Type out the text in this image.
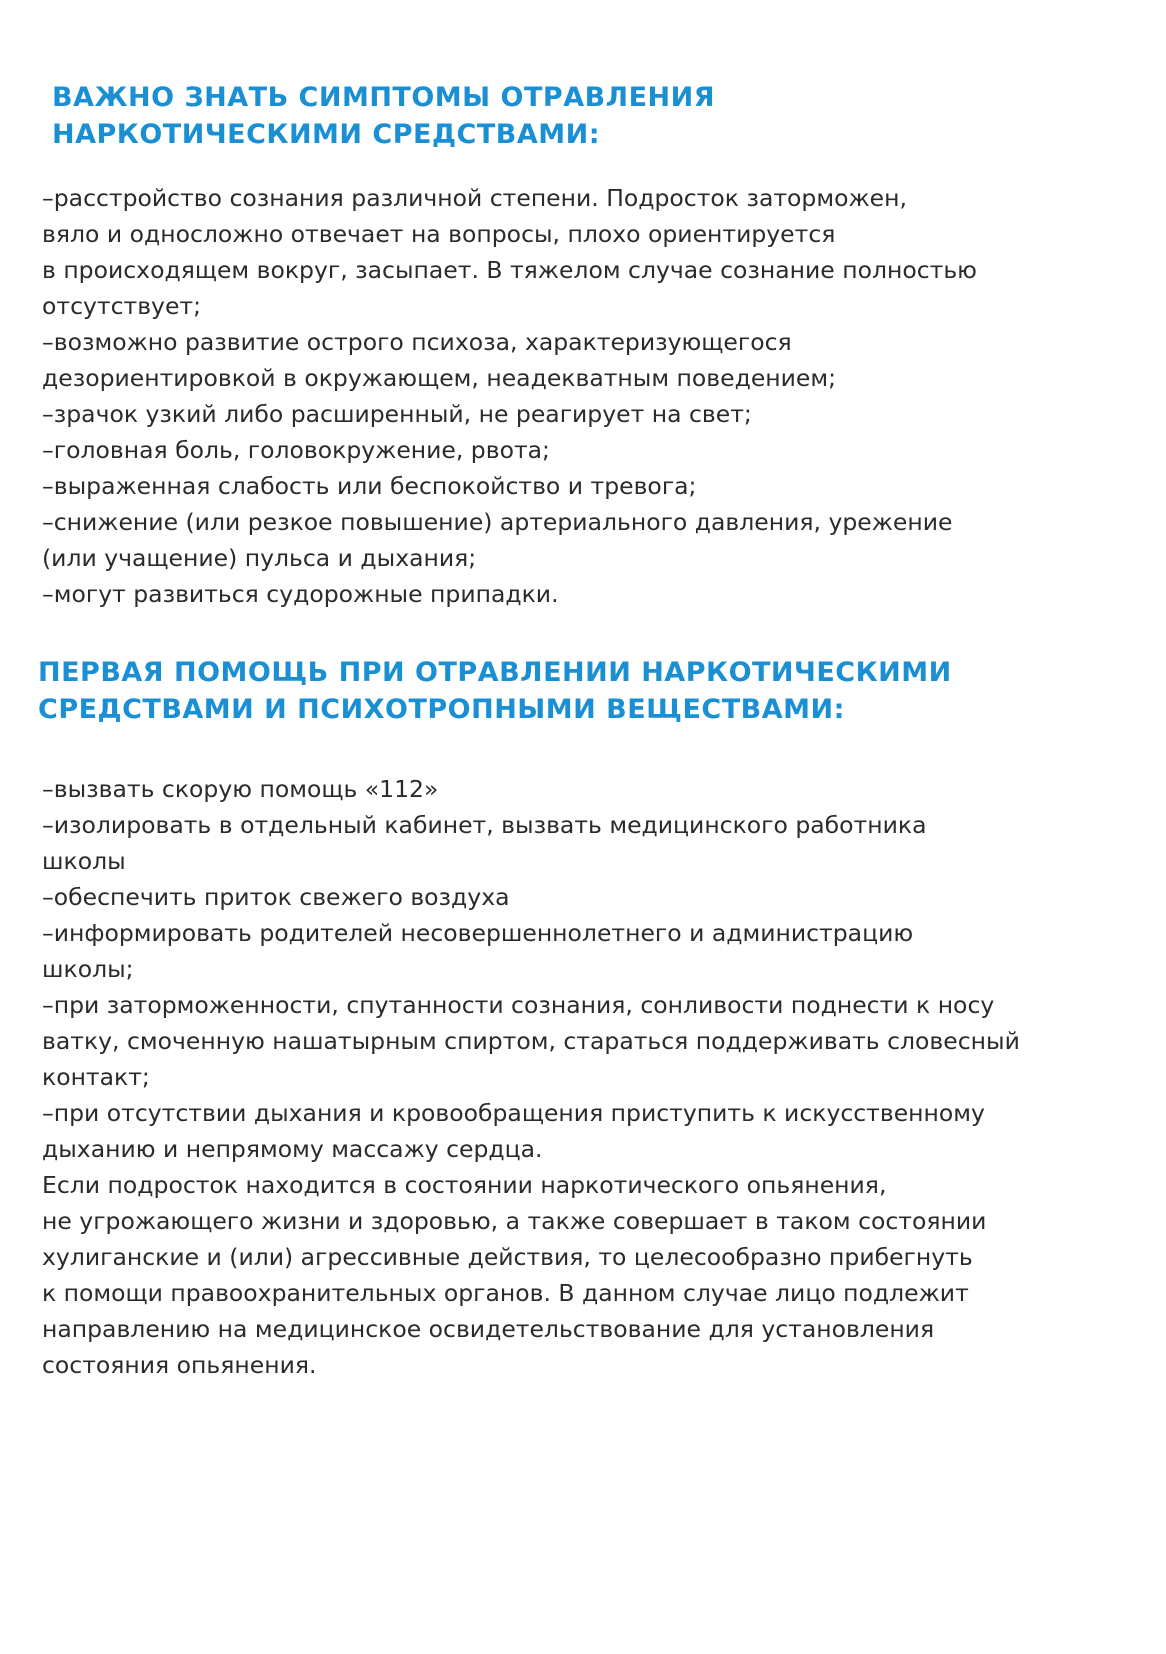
ВАЖНО ЗНАТЬ СИМПТОМЫ ОТРАВЛЕНИЯ
НАРКОТИЧЕСКИМИ СРЕДСТВАМИ:
–расстройство сознания различной степени. Подросток заторможен,
вяло и односложно отвечает на вопросы, плохо ориентируется
в происходящем вокруг, засыпает. В тяжелом случае сознание полностью
отсутствует;
–возможно развитие острого психоза, характеризующегося
дезориентировкой в окружающем, неадекватным поведением;
–зрачок узкий либо расширенный, не реагирует на свет;
–головная боль, головокружение, рвота;
–выраженная слабость или беспокойство и тревога;
–снижение (или резкое повышение) артериального давления, урежение
(или учащение) пульса и дыхания;
–могут развиться судорожные припадки.
ПЕРВАЯ ПОМОЩЬ ПРИ ОТРАВЛЕНИИ НАРКОТИЧЕСКИМИ
СРЕДСТВАМИ И ПСИХОТРОПНЫМИ ВЕЩЕСТВАМИ:
–вызвать скорую помощь «112»
–изолировать в отдельный кабинет, вызвать медицинского работника
школы
–обеспечить приток свежего воздуха
–информировать родителей несовершеннолетнего и администрацию
школы;
–при заторможенности, спутанности сознания, сонливости поднести к носу
ватку, смоченную нашатырным спиртом, стараться поддерживать словесный
контакт;
–при отсутствии дыхания и кровообращения приступить к искусственному
дыханию и непрямому массажу сердца.
Если подросток находится в состоянии наркотического опьянения,
не угрожающего жизни и здоровью, а также совершает в таком состоянии
хулиганские и (или) агрессивные действия, то целесообразно прибегнуть
к помощи правоохранительных органов. В данном случае лицо подлежит
направлению на медицинское освидетельствование для установления
состояния опьянения.
